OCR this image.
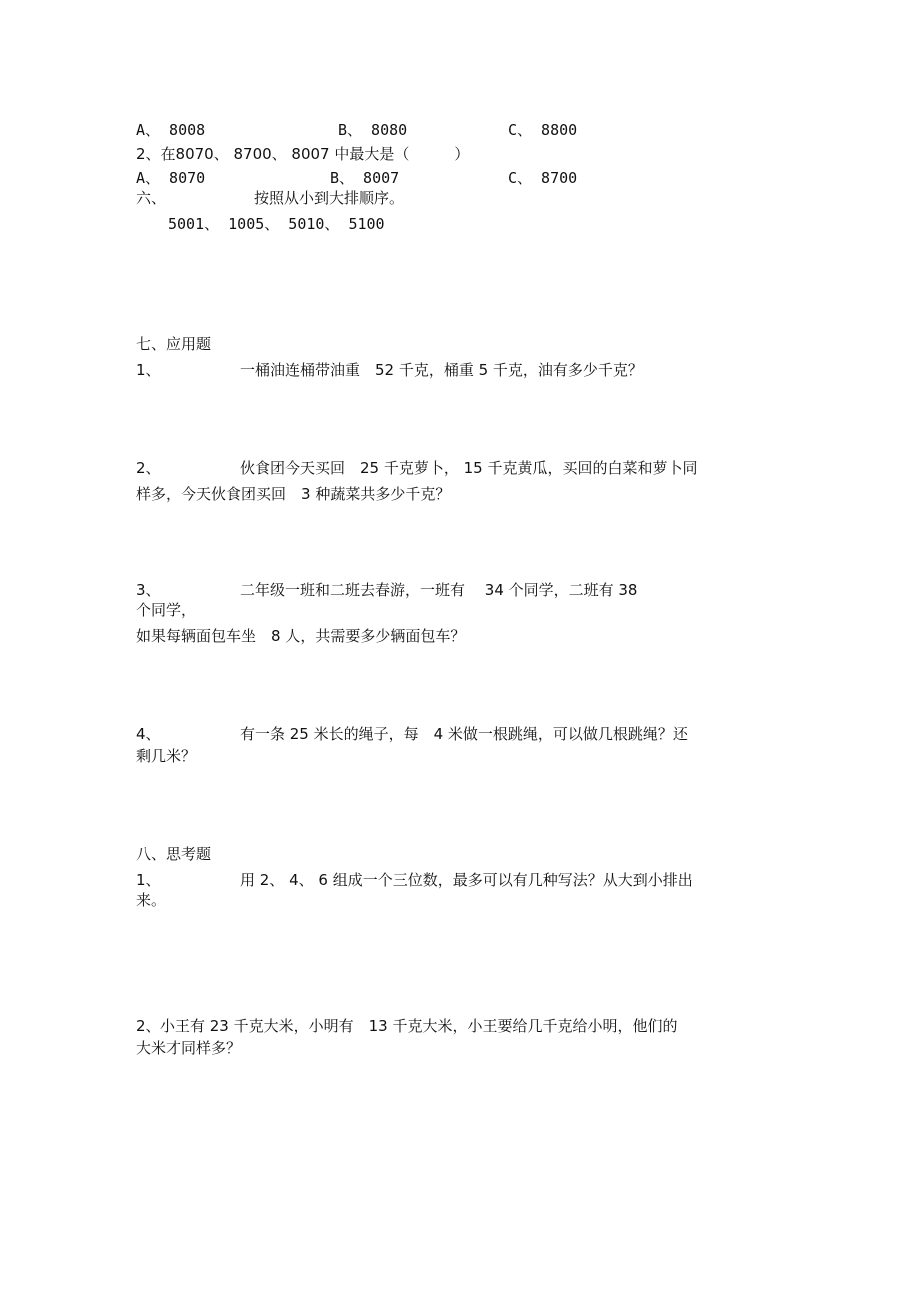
A、 8008	B、 8080	C、 8800
2、在8070、 8700、 8007 中最大是（　　　）
A、 8070	B、 8007	C、 8700
六、	按照从小到大排顺序。
5001、 1005、 5010、 5100
七、应用题
1、	一桶油连桶带油重　52 千克，桶重 5 千克，油有多少千克？
2、	伙食团今天买回　25 千克萝卜， 15 千克黄瓜，买回的白菜和萝卜同
样多，今天伙食团买回　3 种蔬菜共多少千克？
3、	二年级一班和二班去春游，一班有　 34 个同学，二班有 38
个同学，
如果每辆面包车坐　8 人，共需要多少辆面包车？
4、	有一条 25 米长的绳子，每　4 米做一根跳绳，可以做几根跳绳？还
剩几米？
八、思考题
1、	用 2、 4、 6 组成一个三位数，最多可以有几种写法？从大到小排出
来。
2、 小王有 23 千克大米，小明有　13 千克大米，小王要给几千克给小明，他们的
大米才同样多？
